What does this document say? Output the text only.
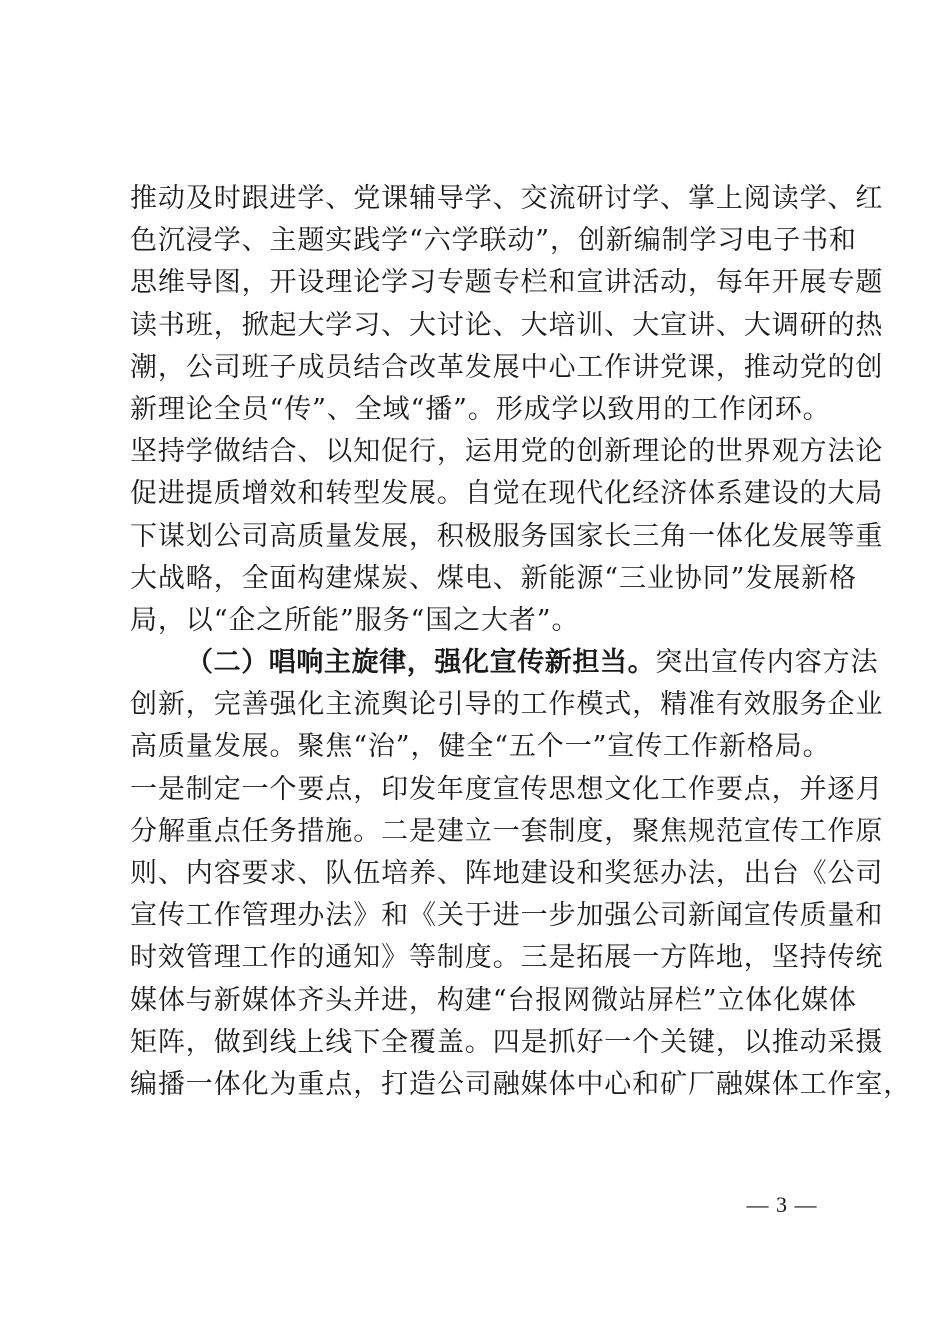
推动及时跟进学、党课辅导学、交流研讨学、掌上阅读学、红
色沉浸学、主题实践学“六学联动”，创新编制学习电子书和
思维导图，开设理论学习专题专栏和宣讲活动，每年开展专题
读书班，掀起大学习、大讨论、大培训、大宣讲、大调研的热
潮，公司班子成员结合改革发展中心工作讲党课，推动党的创
新理论全员“传”、全域“播”。形成学以致用的工作闭环。
坚持学做结合、以知促行，运用党的创新理论的世界观方法论
促进提质增效和转型发展。自觉在现代化经济体系建设的大局
下谋划公司高质量发展，积极服务国家长三角一体化发展等重
大战略，全面构建煤炭、煤电、新能源“三业协同”发展新格
局，以“企之所能”服务“国之大者”。
（二）唱响主旋律，强化宣传新担当。突出宣传内容方法
创新，完善强化主流舆论引导的工作模式，精准有效服务企业
高质量发展。聚焦“治”，健全“五个一”宣传工作新格局。
一是制定一个要点，印发年度宣传思想文化工作要点，并逐月
分解重点任务措施。二是建立一套制度，聚焦规范宣传工作原
则、内容要求、队伍培养、阵地建设和奖惩办法，出台《公司
宣传工作管理办法》和《关于进一步加强公司新闻宣传质量和
时效管理工作的通知》等制度。三是拓展一方阵地，坚持传统
媒体与新媒体齐头并进，构建“台报网微站屏栏”立体化媒体
矩阵，做到线上线下全覆盖。四是抓好一个关键，以推动采摄
编播一体化为重点，打造公司融媒体中心和矿厂融媒体工作室，
— 3 —
